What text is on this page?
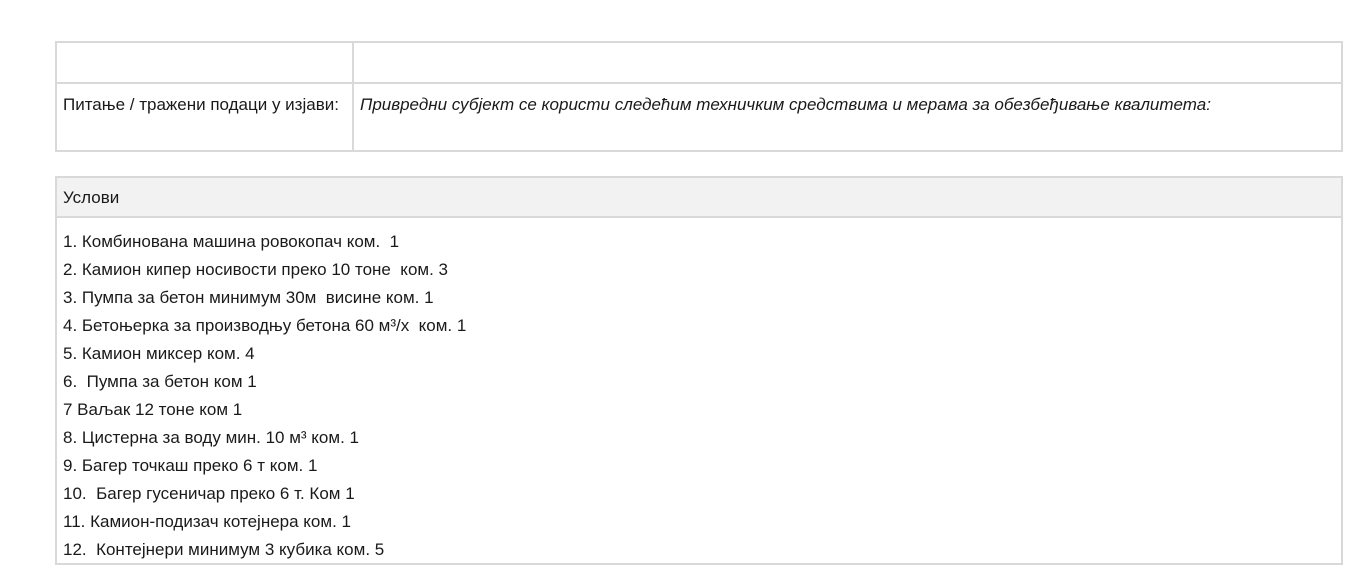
Питање / тражени подаци у изјави:	Привредни субјект се користи следећим техничким средствима и мерама за обезбеђивање квалитета:
Услови
1. Комбинована машина ровокопач ком.  1
2. Камион кипер носивости преко 10 тоне  ком. 3
3. Пумпа за бетон минимум 30м  висине ком. 1
4. Бетоњерка за производњу бетона 60 м³/х  ком. 1
5. Камион миксер ком. 4
6.  Пумпа за бетон ком 1
7 Ваљак 12 тоне ком 1
8. Цистерна за воду мин. 10 м³ ком. 1
9. Багер точкаш преко 6 т ком. 1
10.  Багер гусеничар преко 6 т. Ком 1
11. Камион-подизач котејнера ком. 1
12.  Контејнери минимум 3 кубика ком. 5
